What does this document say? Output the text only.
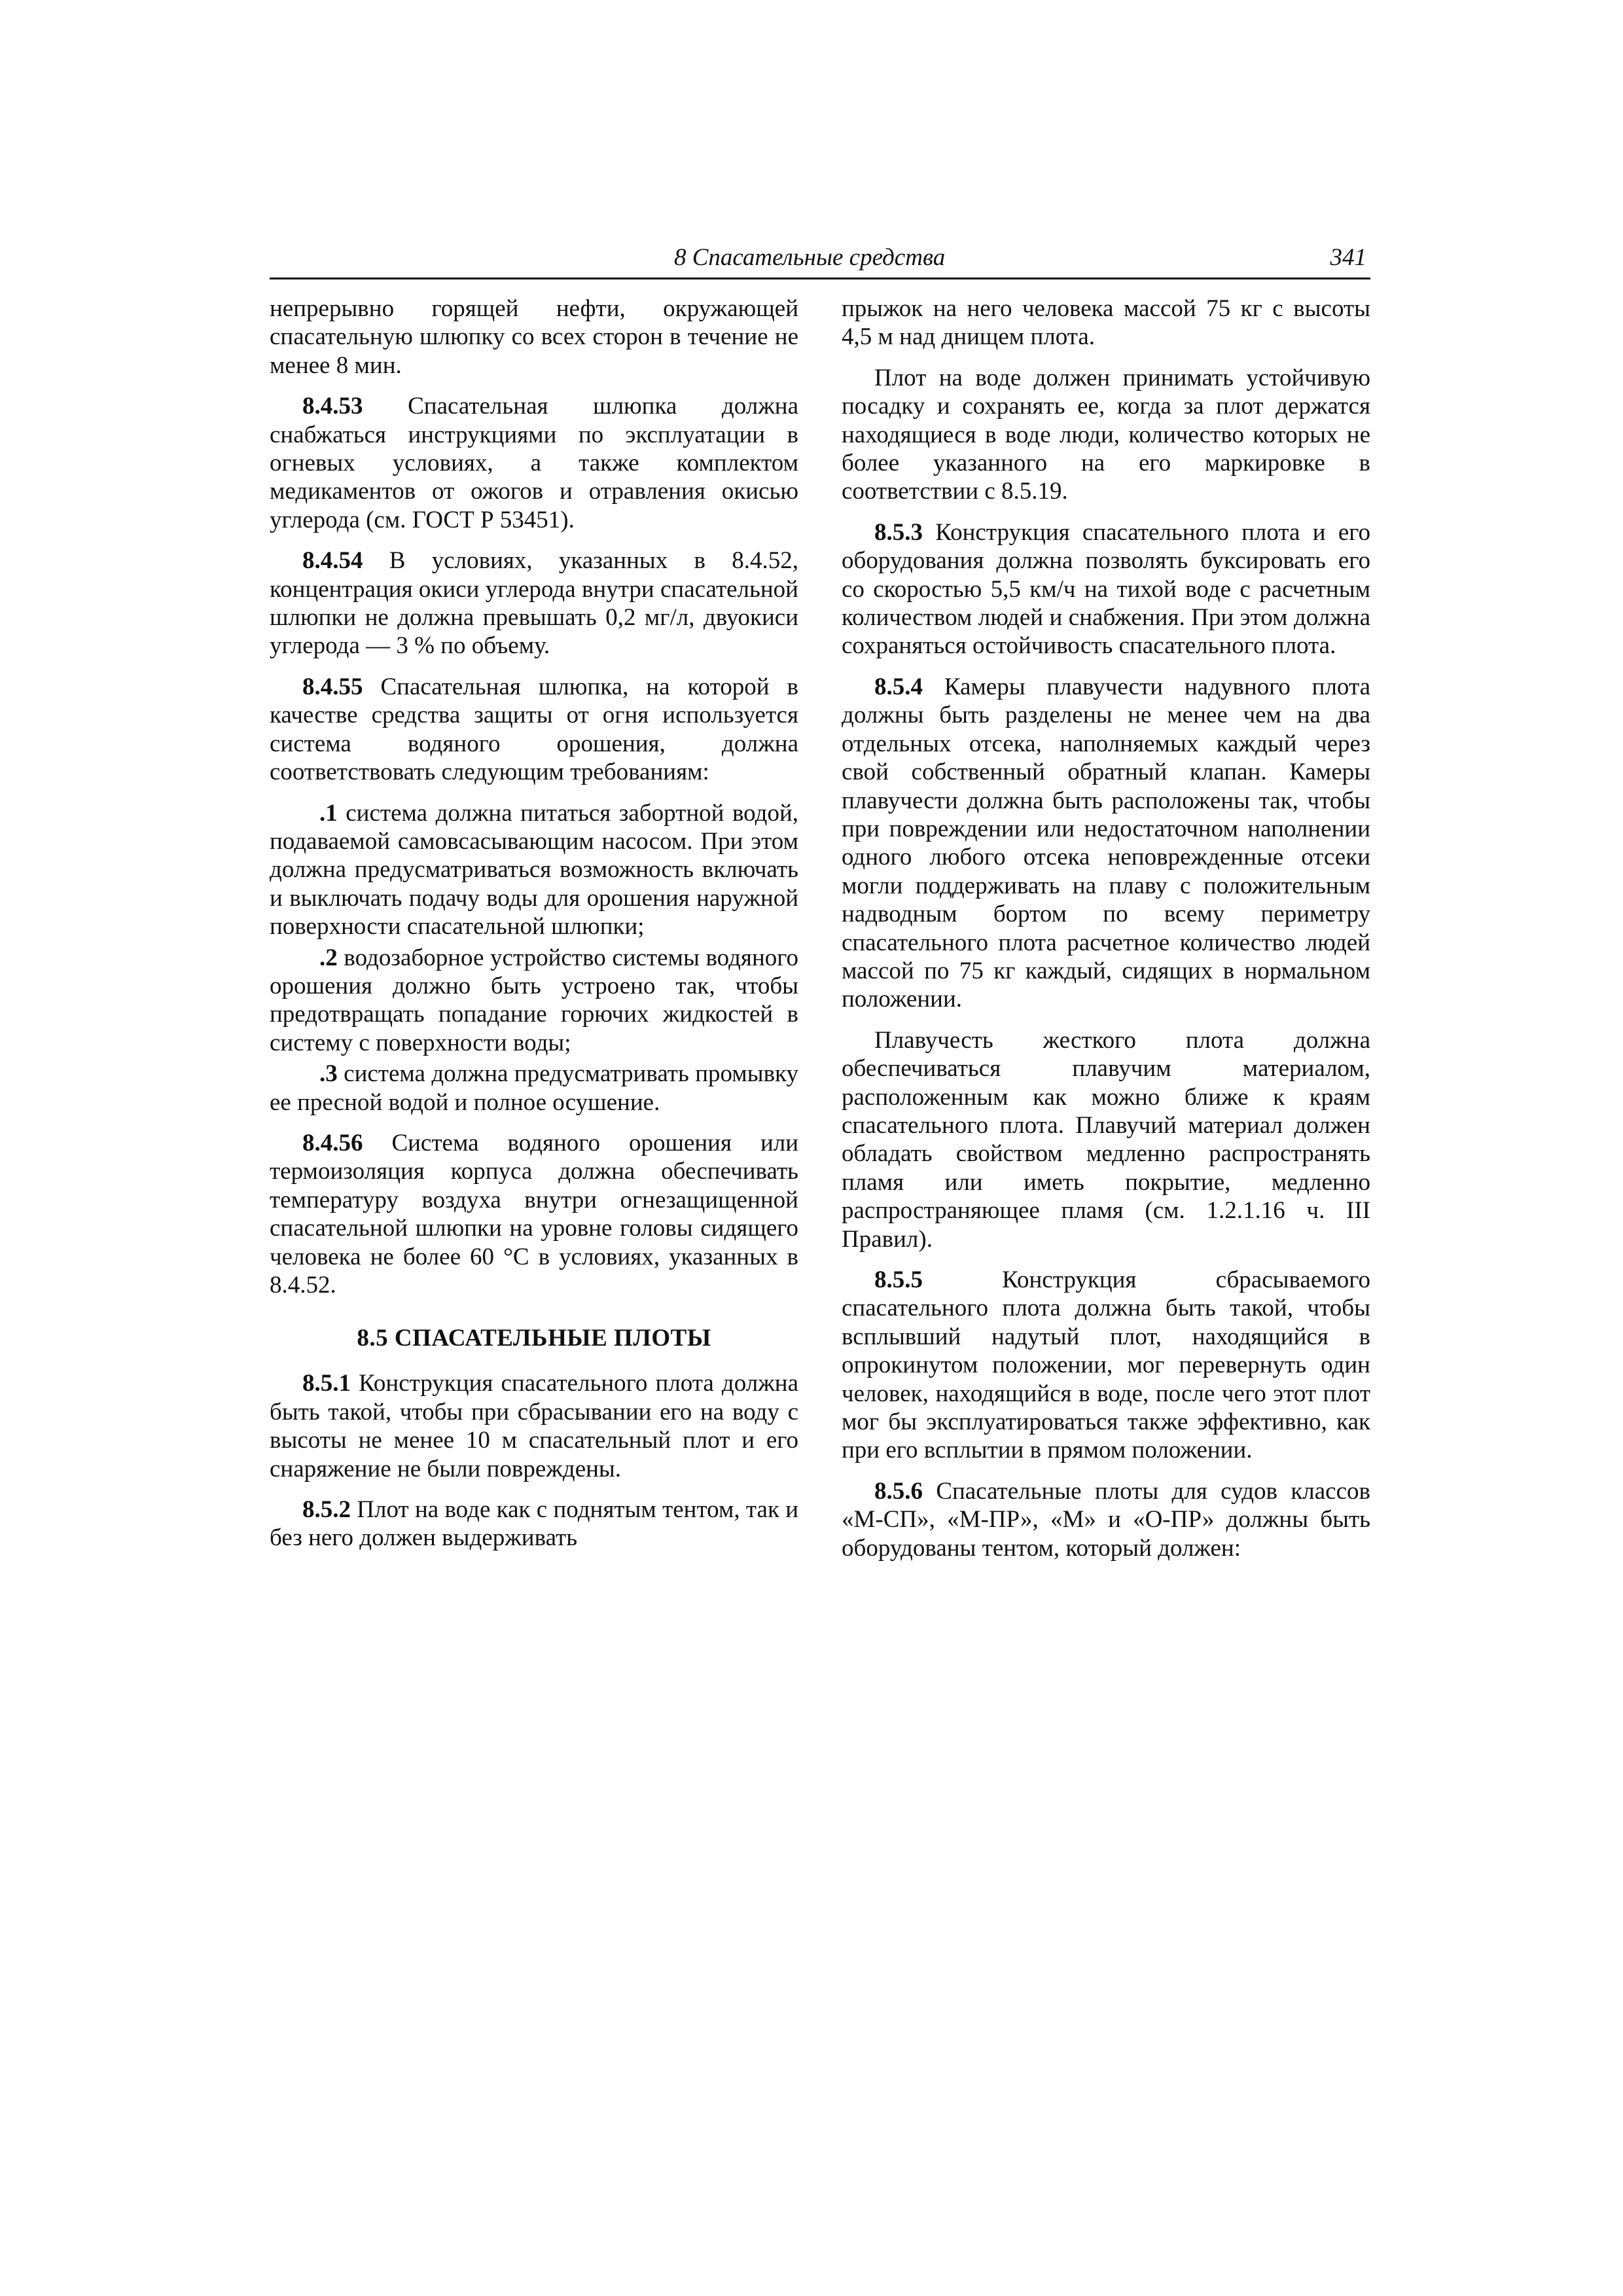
8 Спасательные средства	341

непрерывно горящей нефти, окружающей спасательную шлюпку со всех сторон в течение не менее 8 мин.

8.4.53 Спасательная шлюпка должна снабжаться инструкциями по эксплуатации в огневых условиях, а также комплектом медикаментов от ожогов и отравления окисью углерода (см. ГОСТ Р 53451).

8.4.54 В условиях, указанных в 8.4.52, концентрация окиси углерода внутри спасательной шлюпки не должна превышать 0,2 мг/л, двуокиси углерода — 3 % по объему.

8.4.55 Спасательная шлюпка, на которой в качестве средства защиты от огня используется система водяного орошения, должна соответствовать следующим требованиям:

.1 система должна питаться забортной водой, подаваемой самовсасывающим насосом. При этом должна предусматриваться возможность включать и выключать подачу воды для орошения наружной поверхности спасательной шлюпки;

.2 водозаборное устройство системы водяного орошения должно быть устроено так, чтобы предотвращать попадание горючих жидкостей в систему с поверхности воды;

.3 система должна предусматривать промывку ее пресной водой и полное осушение.

8.4.56 Система водяного орошения или термоизоляция корпуса должна обеспечивать температуру воздуха внутри огнезащищенной спасательной шлюпки на уровне головы сидящего человека не более 60 °С в условиях, указанных в 8.4.52.

8.5 СПАСАТЕЛЬНЫЕ ПЛОТЫ

8.5.1 Конструкция спасательного плота должна быть такой, чтобы при сбрасывании его на воду с высоты не менее 10 м спасательный плот и его снаряжение не были повреждены.

8.5.2 Плот на воде как с поднятым тентом, так и без него должен выдерживать

прыжок на него человека массой 75 кг с высоты 4,5 м над днищем плота.

Плот на воде должен принимать устойчивую посадку и сохранять ее, когда за плот держатся находящиеся в воде люди, количество которых не более указанного на его маркировке в соответствии с 8.5.19.

8.5.3 Конструкция спасательного плота и его оборудования должна позволять буксировать его со скоростью 5,5 км/ч на тихой воде с расчетным количеством людей и снабжения. При этом должна сохраняться остойчивость спасательного плота.

8.5.4 Камеры плавучести надувного плота должны быть разделены не менее чем на два отдельных отсека, наполняемых каждый через свой собственный обратный клапан. Камеры плавучести должна быть расположены так, чтобы при повреждении или недостаточном наполнении одного любого отсека неповрежденные отсеки могли поддерживать на плаву с положительным надводным бортом по всему периметру спасательного плота расчетное количество людей массой по 75 кг каждый, сидящих в нормальном положении.

Плавучесть жесткого плота должна обеспечиваться плавучим материалом, расположенным как можно ближе к краям спасательного плота. Плавучий материал должен обладать свойством медленно распространять пламя или иметь покрытие, медленно распространяющее пламя (см. 1.2.1.16 ч. III Правил).

8.5.5	Конструкция сбрасываемого спасательного плота должна быть такой, чтобы всплывший надутый плот, находящийся в опрокинутом положении, мог перевернуть один человек, находящийся в воде, после чего этот плот мог бы эксплуатироваться также эффективно, как при его всплытии в прямом положении.

8.5.6 Спасательные плоты для судов классов «М-СП», «М-ПР», «М» и «О-ПР» должны быть оборудованы тентом, который должен:
